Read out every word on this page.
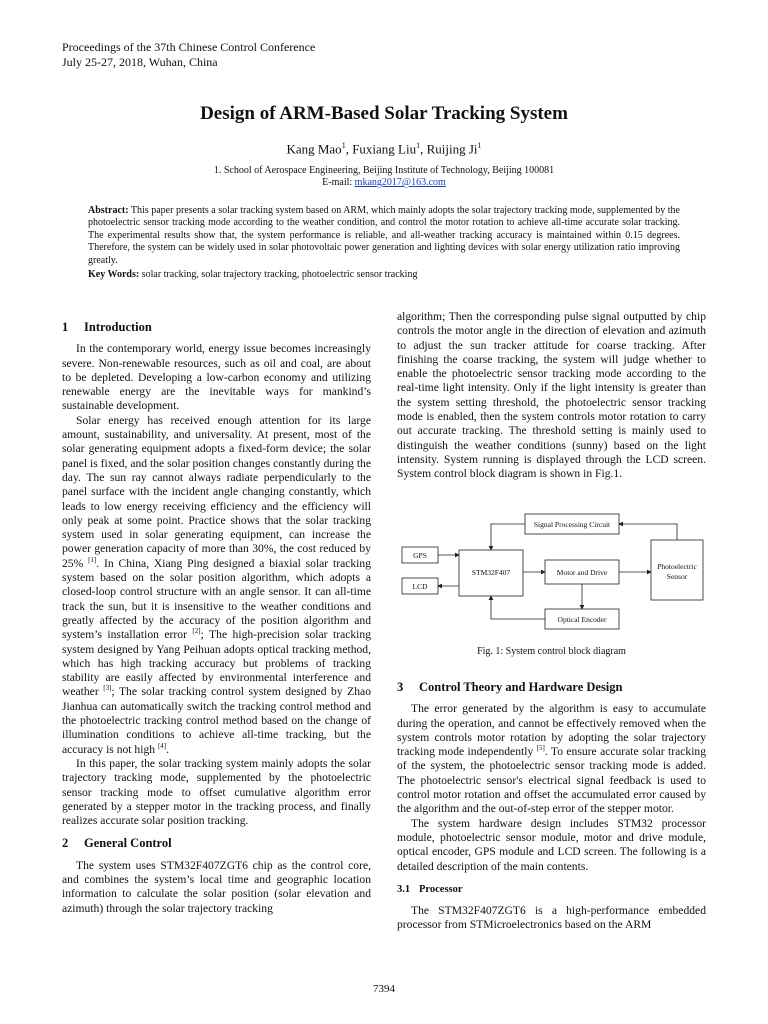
Proceedings of the 37th Chinese Control Conference
July 25-27, 2018, Wuhan, China
Design of ARM-Based Solar Tracking System
Kang Mao$^1$, Fuxiang Liu$^1$, Ruijing Ji$^1$
1. School of Aerospace Engineering, Beijing Institute of Technology, Beijing 100081
E-mail: mkang2017@163.com
Abstract: This paper presents a solar tracking system based on ARM, which mainly adopts the solar trajectory tracking mode, supplemented by the photoelectric sensor tracking mode according to the weather condition, and control the motor rotation to achieve all-time accurate solar tracking. The experimental results show that, the system performance is reliable, and all-weather tracking accuracy is maintained within 0.15 degrees. Therefore, the system can be widely used in solar photovoltaic power generation and lighting devices with solar energy utilization ratio improving greatly.
Key Words: solar tracking, solar trajectory tracking, photoelectric sensor tracking
1 Introduction

In the contemporary world, energy issue becomes increasingly severe. Non-renewable resources, such as oil and coal, are about to be depleted. Developing a low-carbon economy and utilizing renewable energy are the inevitable ways for mankind’s sustainable development.

Solar energy has received enough attention for its large amount, sustainability, and universality. At present, most of the solar generating equipment adopts a fixed-form device; the solar panel is fixed, and the solar position changes constantly during the day. The sun ray cannot always radiate perpendicularly to the panel surface with the incident angle changing constantly, which leads to low energy receiving efficiency and the efficiency will only peak at some point. Practice shows that the solar tracking system used in solar generating equipment, can increase the power generation capacity of more than 30%, the cost reduced by 25% [1]. In China, Xiang Ping designed a biaxial solar tracking system based on the solar position algorithm, which adopts a closed-loop control structure with an angle sensor. It can all-time track the sun, but it is insensitive to the weather conditions and greatly affected by the accuracy of the position algorithm and system’s installation error [2]; The high-precision solar tracking system designed by Yang Peihuan adopts optical tracking method, which has high tracking accuracy but problems of tracking stability are easily affected by environmental interference and weather [3]; The solar tracking control system designed by Zhao Jianhua can automatically switch the tracking control method and the photoelectric tracking control method based on the change of illumination conditions to achieve all-time tracking, but the accuracy is not high [4].

In this paper, the solar tracking system mainly adopts the solar trajectory tracking mode, supplemented by the photoelectric sensor tracking mode to offset cumulative algorithm error generated by a stepper motor in the tracking process, and finally realizes accurate solar position tracking.

2 General Control

The system uses STM32F407ZGT6 chip as the control core, and combines the system’s local time and geographic location information to calculate the solar position (solar elevation and azimuth) through the solar trajectory tracking

algorithm; Then the corresponding pulse signal outputted by chip controls the motor angle in the direction of elevation and azimuth to adjust the sun tracker attitude for coarse tracking. After finishing the coarse tracking, the system will judge whether to enable the photoelectric sensor tracking mode according to the real-time light intensity. Only if the light intensity is greater than the system setting threshold, the photoelectric sensor tracking mode is enabled, then the system controls motor rotation to carry out accurate tracking. The threshold setting is mainly used to distinguish the weather conditions (sunny) based on the light intensity. System running is displayed through the LCD screen. System control block diagram is shown in Fig.1.

Signal Processing Circuit
GPS
LCD
STM32F407	Motor and Drive
Photoelectric
Sensor
Optical Encoder
Fig. 1: System control block diagram
3 Control Theory and Hardware Design

The error generated by the algorithm is easy to accumulate during the operation, and cannot be effectively removed when the system controls motor rotation by adopting the solar trajectory tracking mode independently [5]. To ensure accurate solar tracking of the system, the photoelectric sensor tracking mode is added. The photoelectric sensor's electrical signal feedback is used to control motor rotation and offset the accumulated error caused by the algorithm and the out-of-step error of the stepper motor.

The system hardware design includes STM32 processor module, photoelectric sensor module, motor and drive module, optical encoder, GPS module and LCD screen. The following is a detailed description of the main contents.

3.1 Processor

The STM32F407ZGT6 is a high-performance embedded processor from STMicroelectronics based on the ARM

7394
